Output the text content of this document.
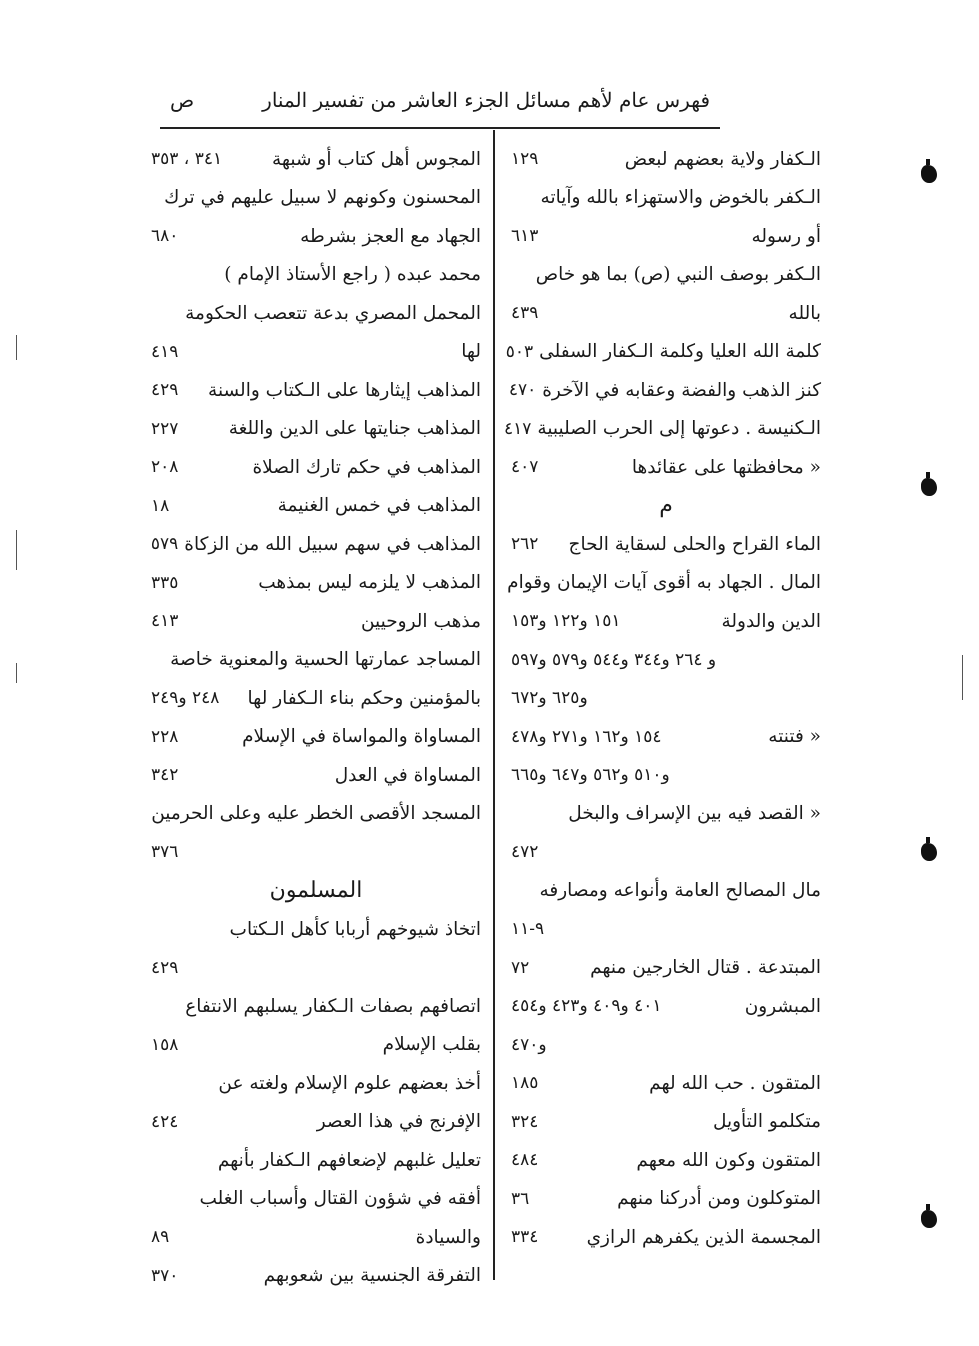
فهرس عام لأهم مسائل الجزء العاشر من تفسير المنار
ص
الـكفار ولاية بعضهم لبعض
١٢٩
الـكفر بالخوض والاستهزاء بالله وآياته
أو رسوله
٦١٣
الـكفر بوصف النبي (ص) بما هو خاص
بالله
٤٣٩
كلمة الله العليا وكلمة الـكفار السفلى
٥٠٣
كنز الذهب والفضة وعقابه في الآخرة
٤٧٠
الـكنيسة . دعوتها إلى الحرب الصليبية
٤١٧
« محافظتها على عقائدها
٤٠٧
م
الماء القراح والحلى لسقاية الحاج
٢٦٢
المال . الجهاد به أقوى آيات الإيمان وقوام
الدين والدولة
١٥١ و١٢٢ و١٥٣
و ٢٦٤ و٣٤٤ و٥٤٤ و٥٧٩ و٥٩٧
و٦٢٥ و٦٧٢
« فتنته
١٥٤ و١٦٢ و٢٧١ و٤٧٨
و٥١٠ و٥٦٢ و٦٤٧ و٦٦٥
« القصد فيه بين الإسراف والبخل
٤٧٢
مال المصالح العامة وأنواعه ومصارفه
٩-١١
المبتدعة . قتال الخارجين منهم
٧٢
المبشرون
٤٠١ و٤٠٩ و٤٢٣ و٤٥٤
و٤٧٠
المتقون . حب الله لهم
١٨٥
متكلمو التأويل
٣٢٤
المتقون وكون الله معهم
٤٨٤
المتوكلون ومن أدركنا منهم
٣٦
المجسمة الذين يكفرهم الرازي
٣٣٤
المجوس أهل كتاب أو شبهة
٣٤١ ، ٣٥٣
المحسنون وكونهم لا سبيل عليهم في ترك
الجهاد مع العجز بشرطه
٦٨٠
محمد عبده ( راجع الأستاذ الإمام )
المحمل المصري بدعة تتعصب الحكومة
لها
٤١٩
المذاهب إيثارها على الـكتاب والسنة
٤٢٩
المذاهب جنايتها على الدين واللغة
٢٢٧
المذاهب في حكم تارك الصلاة
٢٠٨
المذاهب في خمس الغنيمة
١٨
المذاهب في سهم سبيل الله من الزكاة
٥٧٩
المذهب لا يلزمه ليس بمذهب
٣٣٥
مذهب الروحيين
٤١٣
المساجد عمارتها الحسية والمعنوية خاصة
بالمؤمنين وحكم بناء الـكفار لها
٢٤٨ و٢٤٩
المساواة والمواساة في الإسلام
٢٢٨
المساواة في العدل
٣٤٢
المسجد الأقصى الخطر عليه وعلى الحرمين
٣٧٦
المسلمون
اتخاذ شيوخهم أربابا كأهل الـكتاب
٤٢٩
اتصافهم بصفات الـكفار يسلبهم الانتفاع
بقلب الإسلام
١٥٨
أخذ بعضهم علوم الإسلام ولغته عن
الإفرنج في هذا العصر
٤٢٤
تعليل غلبهم لإضعافهم الـكفار بأنهم
أفقه في شؤون القتال وأسباب الغلب
والسيادة
٨٩
التفرقة الجنسية بين شعوبهم
٣٧٠
